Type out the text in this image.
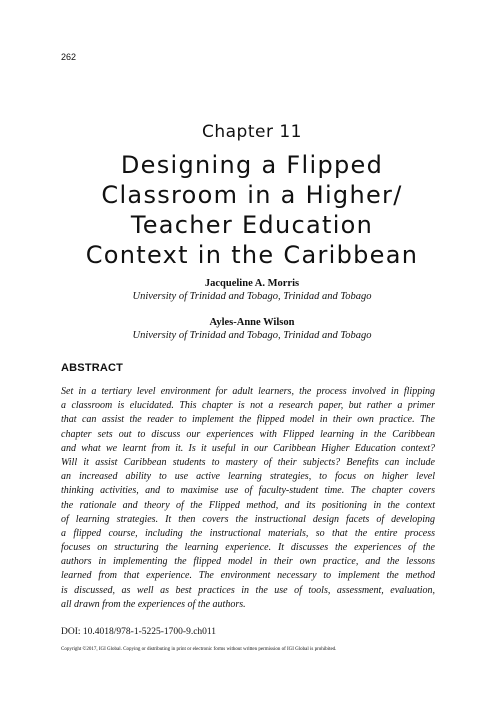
262
Chapter 11
Designing a Flipped
Classroom in a Higher/
Teacher Education
Context in the Caribbean
Jacqueline A. Morris
University of Trinidad and Tobago, Trinidad and Tobago
Ayles-Anne Wilson
University of Trinidad and Tobago, Trinidad and Tobago
ABSTRACT
Set in a tertiary level environment for adult learners, the process involved in flipping
a classroom is elucidated. This chapter is not a research paper, but rather a primer
that can assist the reader to implement the flipped model in their own practice. The
chapter sets out to discuss our experiences with Flipped learning in the Caribbean
and what we learnt from it. Is it useful in our Caribbean Higher Education context?
Will it assist Caribbean students to mastery of their subjects? Benefits can include
an increased ability to use active learning strategies, to focus on higher level
thinking activities, and to maximise use of faculty-student time. The chapter covers
the rationale and theory of the Flipped method, and its positioning in the context
of learning strategies. It then covers the instructional design facets of developing
a flipped course, including the instructional materials, so that the entire process
focuses on structuring the learning experience. It discusses the experiences of the
authors in implementing the flipped model in their own practice, and the lessons
learned from that experience. The environment necessary to implement the method
is discussed, as well as best practices in the use of tools, assessment, evaluation,
all drawn from the experiences of the authors.
DOI: 10.4018/978-1-5225-1700-9.ch011
Copyright ©2017, IGI Global. Copying or distributing in print or electronic forms without written permission of IGI Global is prohibited.
